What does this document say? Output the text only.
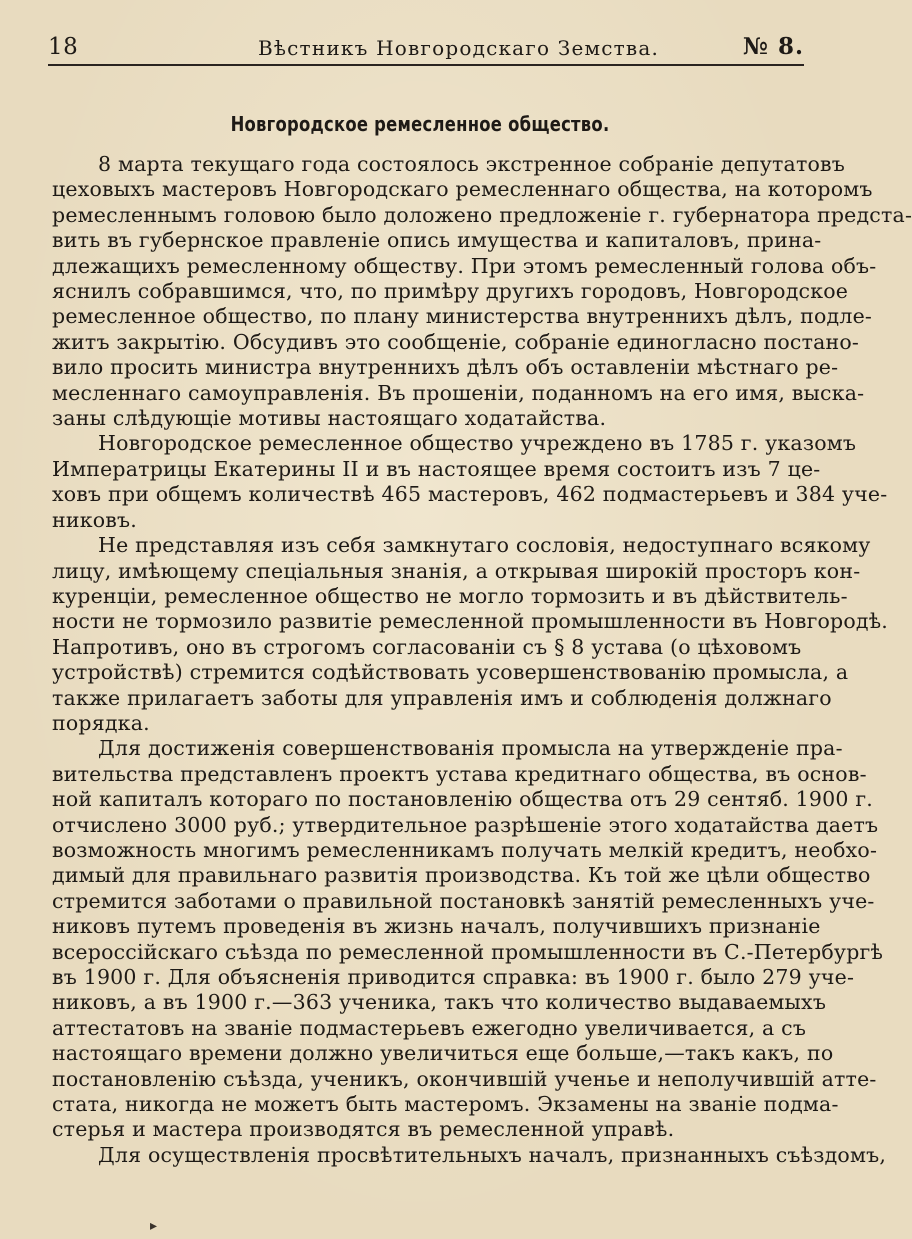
18	Вѣстникъ Новгородскаго Земства.	№ 8.
Новгородское ремесленное общество.
8 марта текущаго года состоялось экстренное собраніе депутатовъ
цеховыхъ мастеровъ Новгородскаго ремесленнаго общества, на которомъ
ремесленнымъ головою было доложено предложеніе г. губернатора предста-
вить въ губернское правленіе опись имущества и капиталовъ, прина-
длежащихъ ремесленному обществу. При этомъ ремесленный голова объ-
яснилъ собравшимся, что, по примѣру другихъ городовъ, Новгородское
ремесленное общество, по плану министерства внутреннихъ дѣлъ, подле-
житъ закрытію. Обсудивъ это сообщеніе, собраніе единогласно постано-
вило просить министра внутреннихъ дѣлъ объ оставленіи мѣстнаго ре-
месленнаго самоуправленія. Въ прошеніи, поданномъ на его имя, выска-
заны слѣдующіе мотивы настоящаго ходатайства.
Новгородское ремесленное общество учреждено въ 1785 г. указомъ
Императрицы Екатерины II и въ настоящее время состоитъ изъ 7 це-
ховъ при общемъ количествѣ 465 мастеровъ, 462 подмастерьевъ и 384 уче-
никовъ.
Не представляя изъ себя замкнутаго сословія, недоступнаго всякому
лицу, имѣющему спеціальныя знанія, а открывая широкій просторъ кон-
куренціи, ремесленное общество не могло тормозить и въ дѣйствитель-
ности не тормозило развитіе ремесленной промышленности въ Новгородѣ.
Напротивъ, оно въ строгомъ согласованіи съ § 8 устава (о цѣховомъ
устройствѣ) стремится содѣйствовать усовершенствованію промысла, а
также прилагаетъ заботы для управленія имъ и соблюденія должнаго
порядка.
Для достиженія совершенствованія промысла на утвержденіе пра-
вительства представленъ проектъ устава кредитнаго общества, въ основ-
ной капиталъ котораго по постановленію общества отъ 29 сентяб. 1900 г.
отчислено 3000 руб.; утвердительное разрѣшеніе этого ходатайства даетъ
возможность многимъ ремесленникамъ получать мелкій кредитъ, необхо-
димый для правильнаго развитія производства. Къ той же цѣли общество
стремится заботами о правильной постановкѣ занятій ремесленныхъ уче-
никовъ путемъ проведенія въ жизнь началъ, получившихъ признаніе
всероссійскаго съѣзда по ремесленной промышленности въ С.-Петербургѣ
въ 1900 г. Для объясненія приводится справка: въ 1900 г. было 279 уче-
никовъ, а въ 1900 г.—363 ученика, такъ что количество выдаваемыхъ
аттестатовъ на званіе подмастерьевъ ежегодно увеличивается, а съ
настоящаго времени должно увеличиться еще больше,—такъ какъ, по
постановленію съѣзда, ученикъ, окончившій ученье и неполучившій атте-
стата, никогда не можетъ быть мастеромъ. Экзамены на званіе подма-
стерья и мастера производятся въ ремесленной управѣ.
Для осуществленія просвѣтительныхъ началъ, признанныхъ съѣздомъ,
▸
